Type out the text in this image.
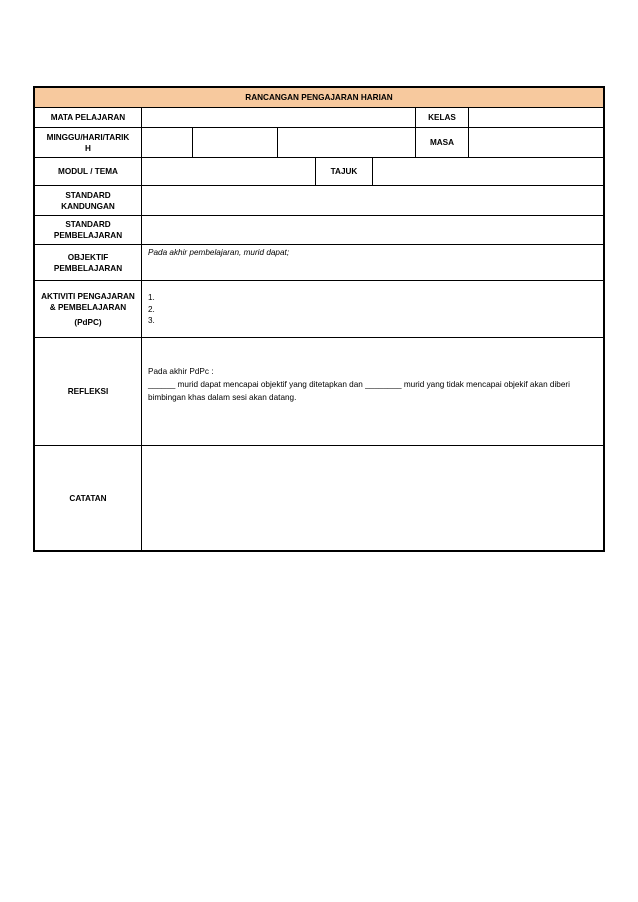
RANCANGAN PENGAJARAN HARIAN
MATA PELAJARAN	KELAS
MINGGU/HARI/TARIK
H
MASA
MODUL / TEMA	TAJUK
STANDARD
KANDUNGAN
STANDARD
PEMBELAJARAN
OBJEKTIF
PEMBELAJARAN
Pada akhir pembelajaran, murid dapat;
AKTIVITI PENGAJARAN
& PEMBELAJARAN
(PdPC)
1.
2.
3.
REFLEKSI
Pada akhir PdPc :
______ murid dapat mencapai objektif yang ditetapkan dan ________ murid yang tidak mencapai objekif akan diberi
bimbingan khas dalam sesi akan datang.
CATATAN
